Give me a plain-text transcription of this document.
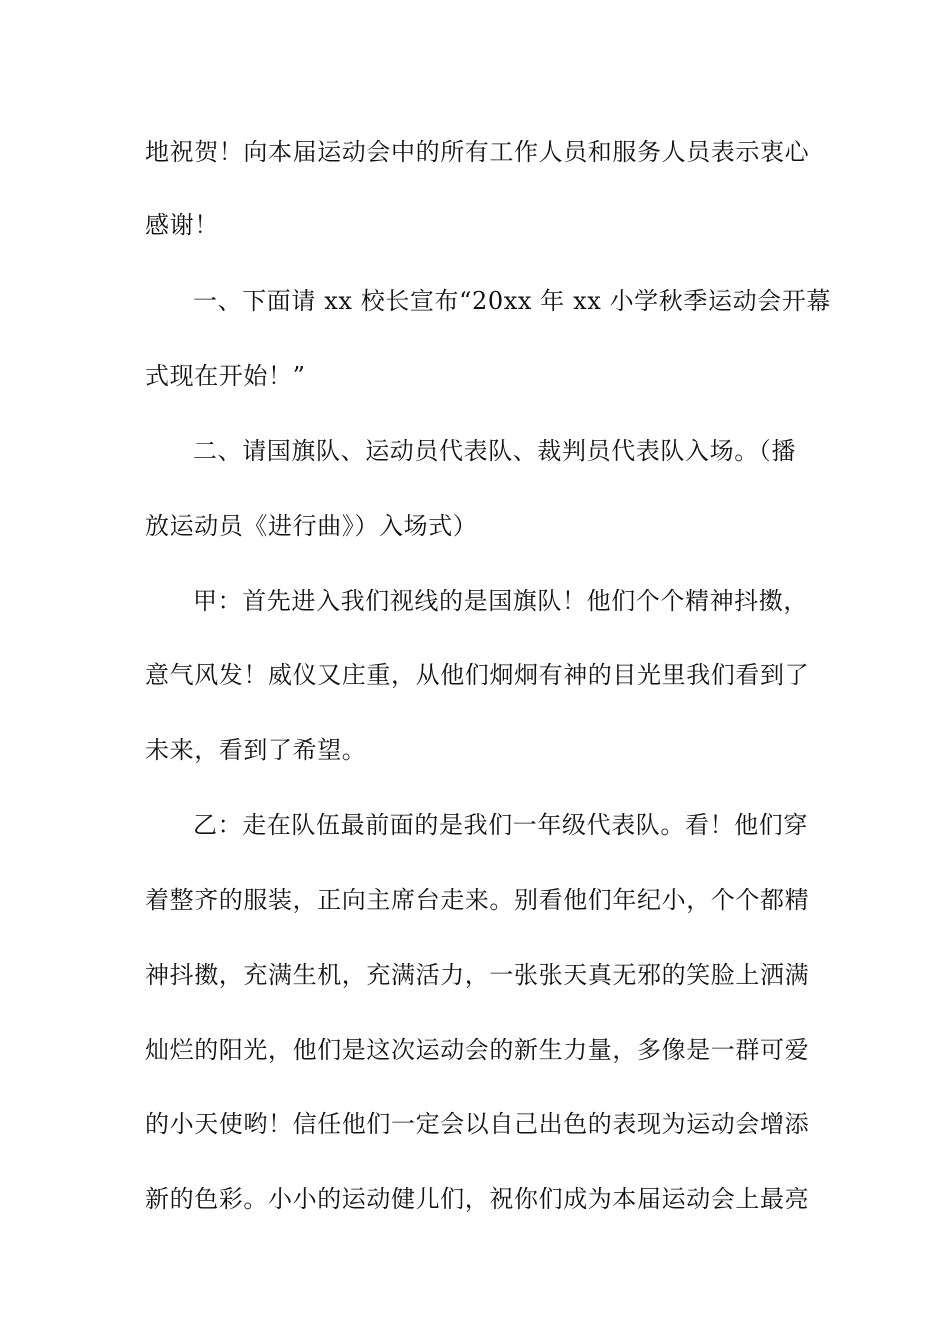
地祝贺！向本届运动会中的所有工作人员和服务人员表示衷心
感谢！
一、下面请 xx 校长宣布“20xx 年 xx 小学秋季运动会开幕
式现在开始！”
二、请国旗队、运动员代表队、裁判员代表队入场。（播
放运动员《进行曲》）入场式）
甲：首先进入我们视线的是国旗队！他们个个精神抖擞，
意气风发！威仪又庄重，从他们炯炯有神的目光里我们看到了
未来，看到了希望。
乙：走在队伍最前面的是我们一年级代表队。看！他们穿
着整齐的服装，正向主席台走来。别看他们年纪小，个个都精
神抖擞，充满生机，充满活力，一张张天真无邪的笑脸上洒满
灿烂的阳光，他们是这次运动会的新生力量，多像是一群可爱
的小天使哟！信任他们一定会以自己出色的表现为运动会增添
新的色彩。小小的运动健儿们，祝你们成为本届运动会上最亮
